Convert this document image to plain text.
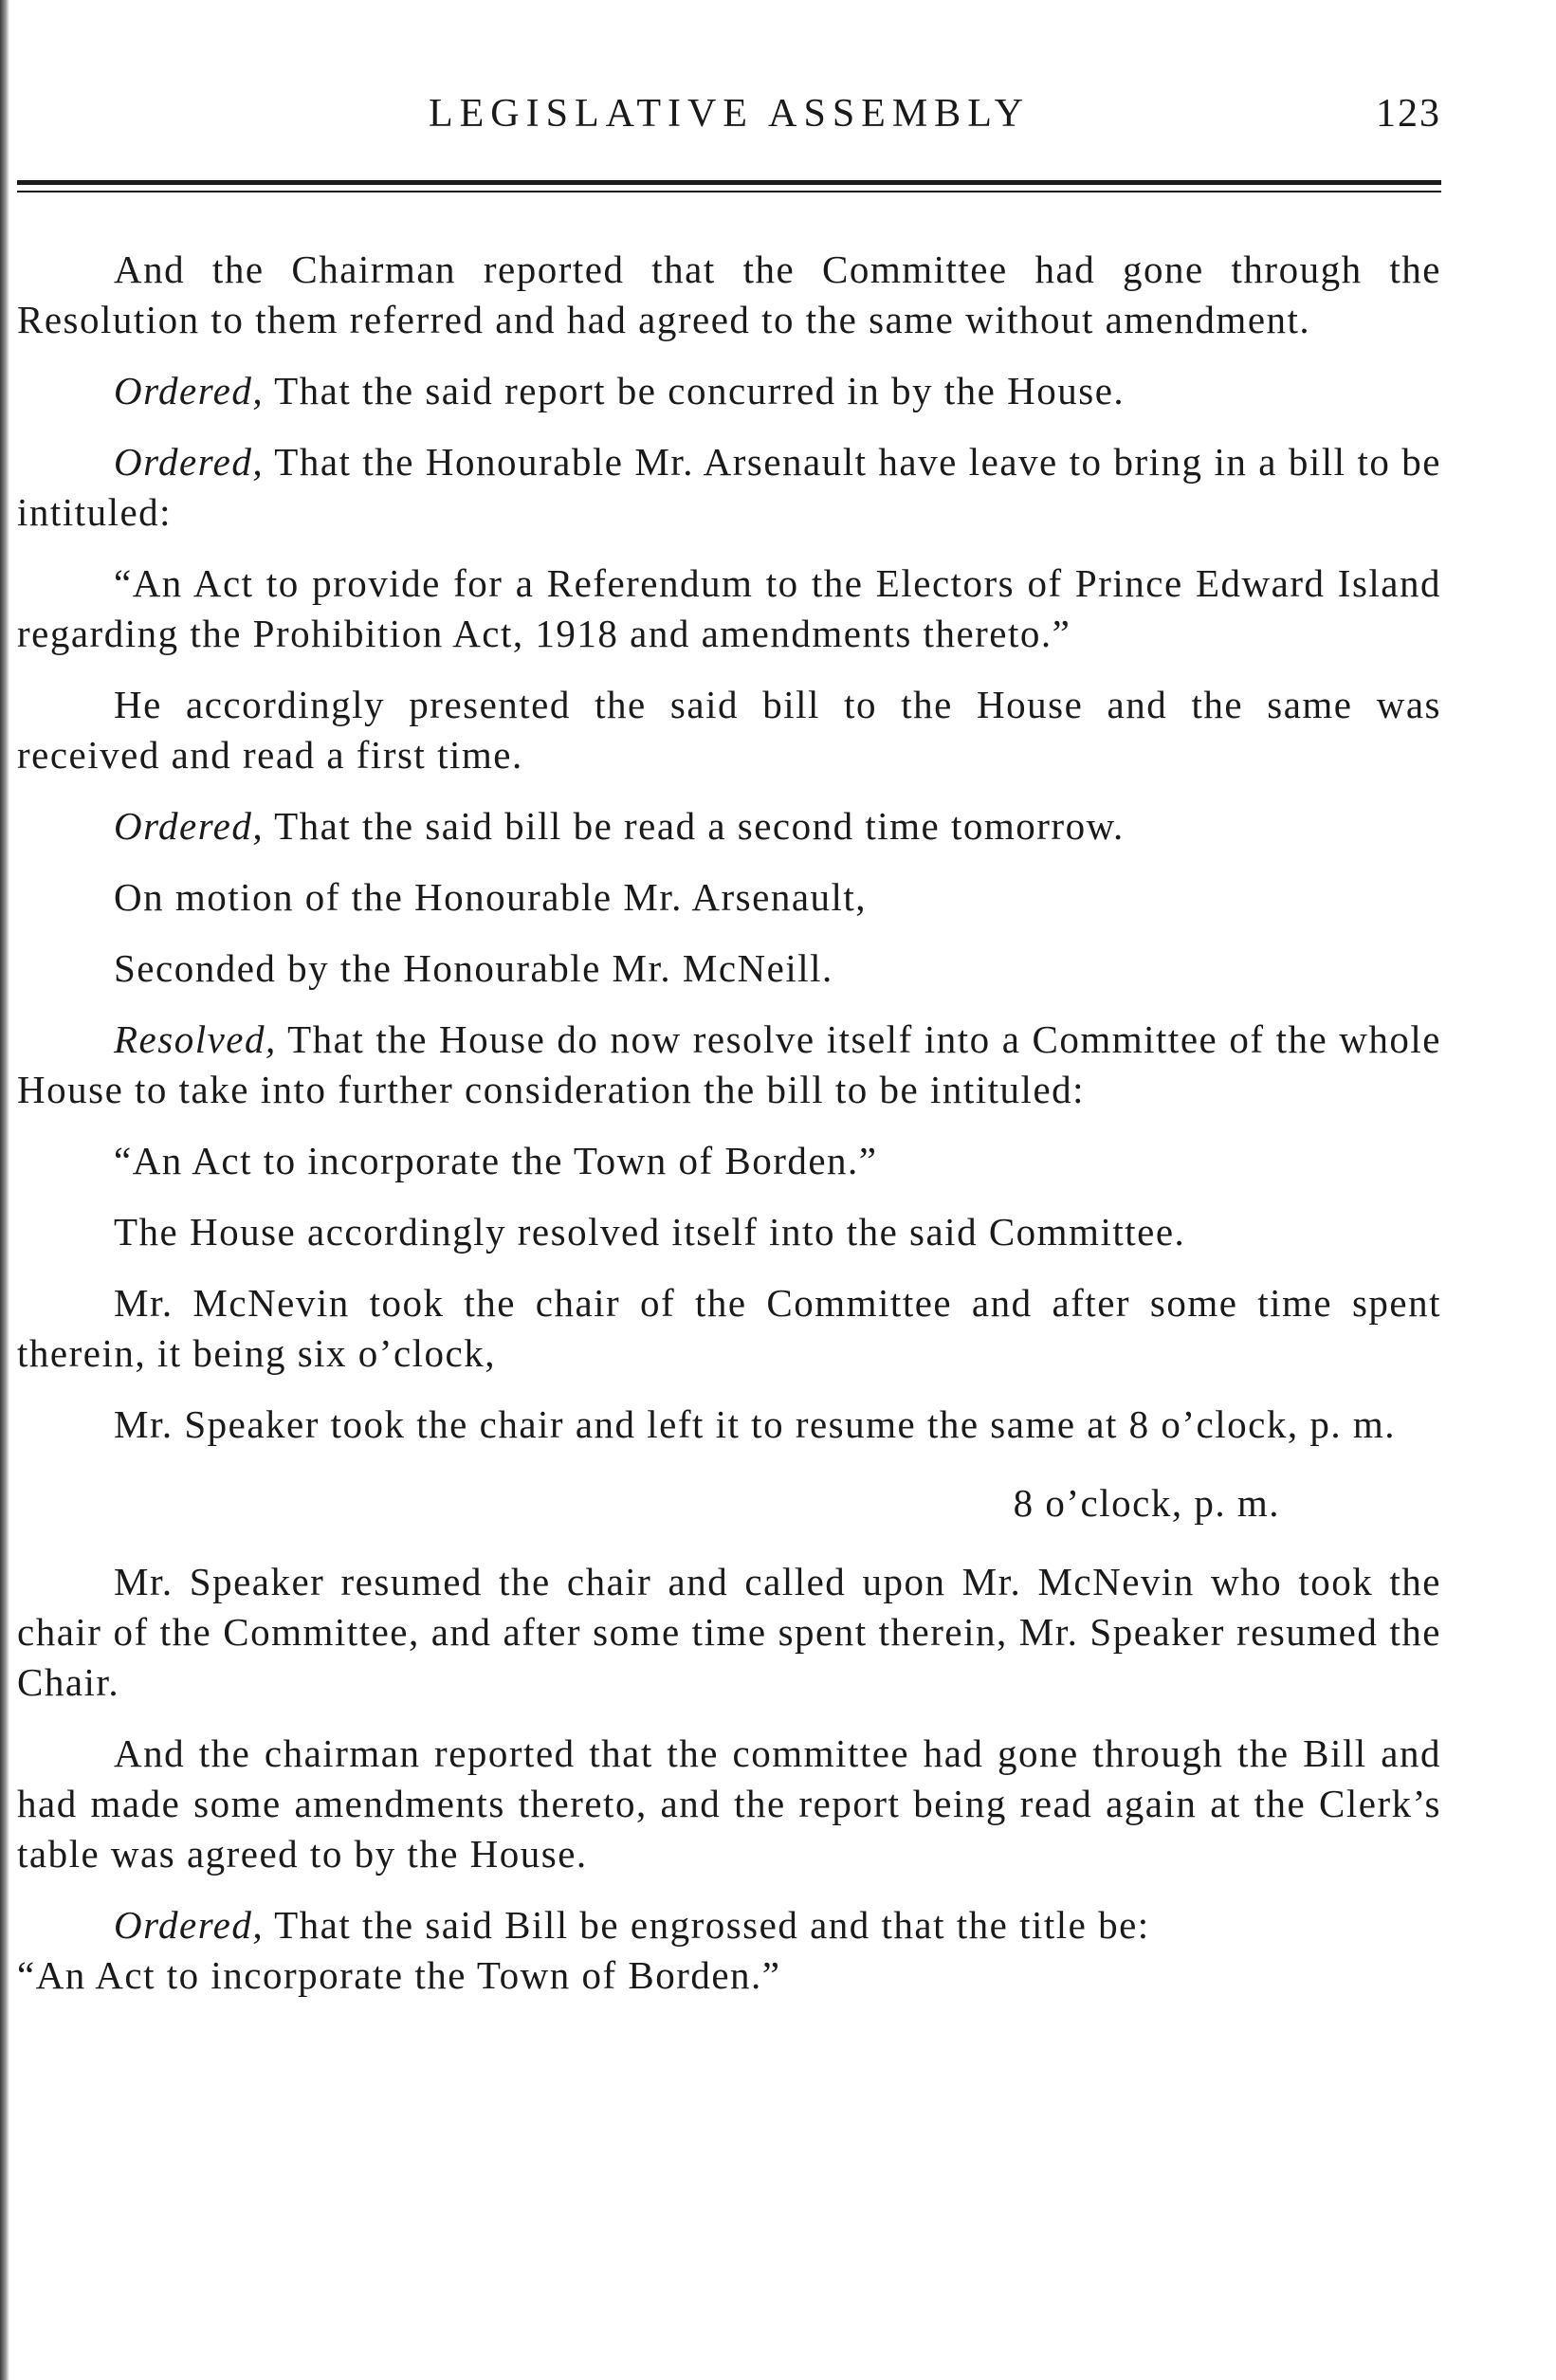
LEGISLATIVE ASSEMBLY	123

And the Chairman reported that the Committee had gone through the Resolution to them referred and had agreed to the same without amendment.

Ordered, That the said report be concurred in by the House.

Ordered, That the Honourable Mr. Arsenault have leave to bring in a bill to be intituled:

“An Act to provide for a Referendum to the Electors of Prince Edward Island regarding the Prohibition Act, 1918 and amendments thereto.”

He accordingly presented the said bill to the House and the same was received and read a first time.

Ordered, That the said bill be read a second time tomorrow.

On motion of the Honourable Mr. Arsenault,

Seconded by the Honourable Mr. McNeill.

Resolved, That the House do now resolve itself into a Committee of the whole House to take into further consideration the bill to be intituled:

“An Act to incorporate the Town of Borden.”

The House accordingly resolved itself into the said Committee.

Mr. McNevin took the chair of the Committee and after some time spent therein, it being six o’clock,

Mr. Speaker took the chair and left it to resume the same at 8 o’clock, p. m.

8 o’clock, p. m.

Mr. Speaker resumed the chair and called upon Mr. McNevin who took the chair of the Committee, and after some time spent therein, Mr. Speaker resumed the Chair.

And the chairman reported that the committee had gone through the Bill and had made some amendments thereto, and the report being read again at the Clerk’s table was agreed to by the House.

Ordered, That the said Bill be engrossed and that the title be:

“An Act to incorporate the Town of Borden.”
